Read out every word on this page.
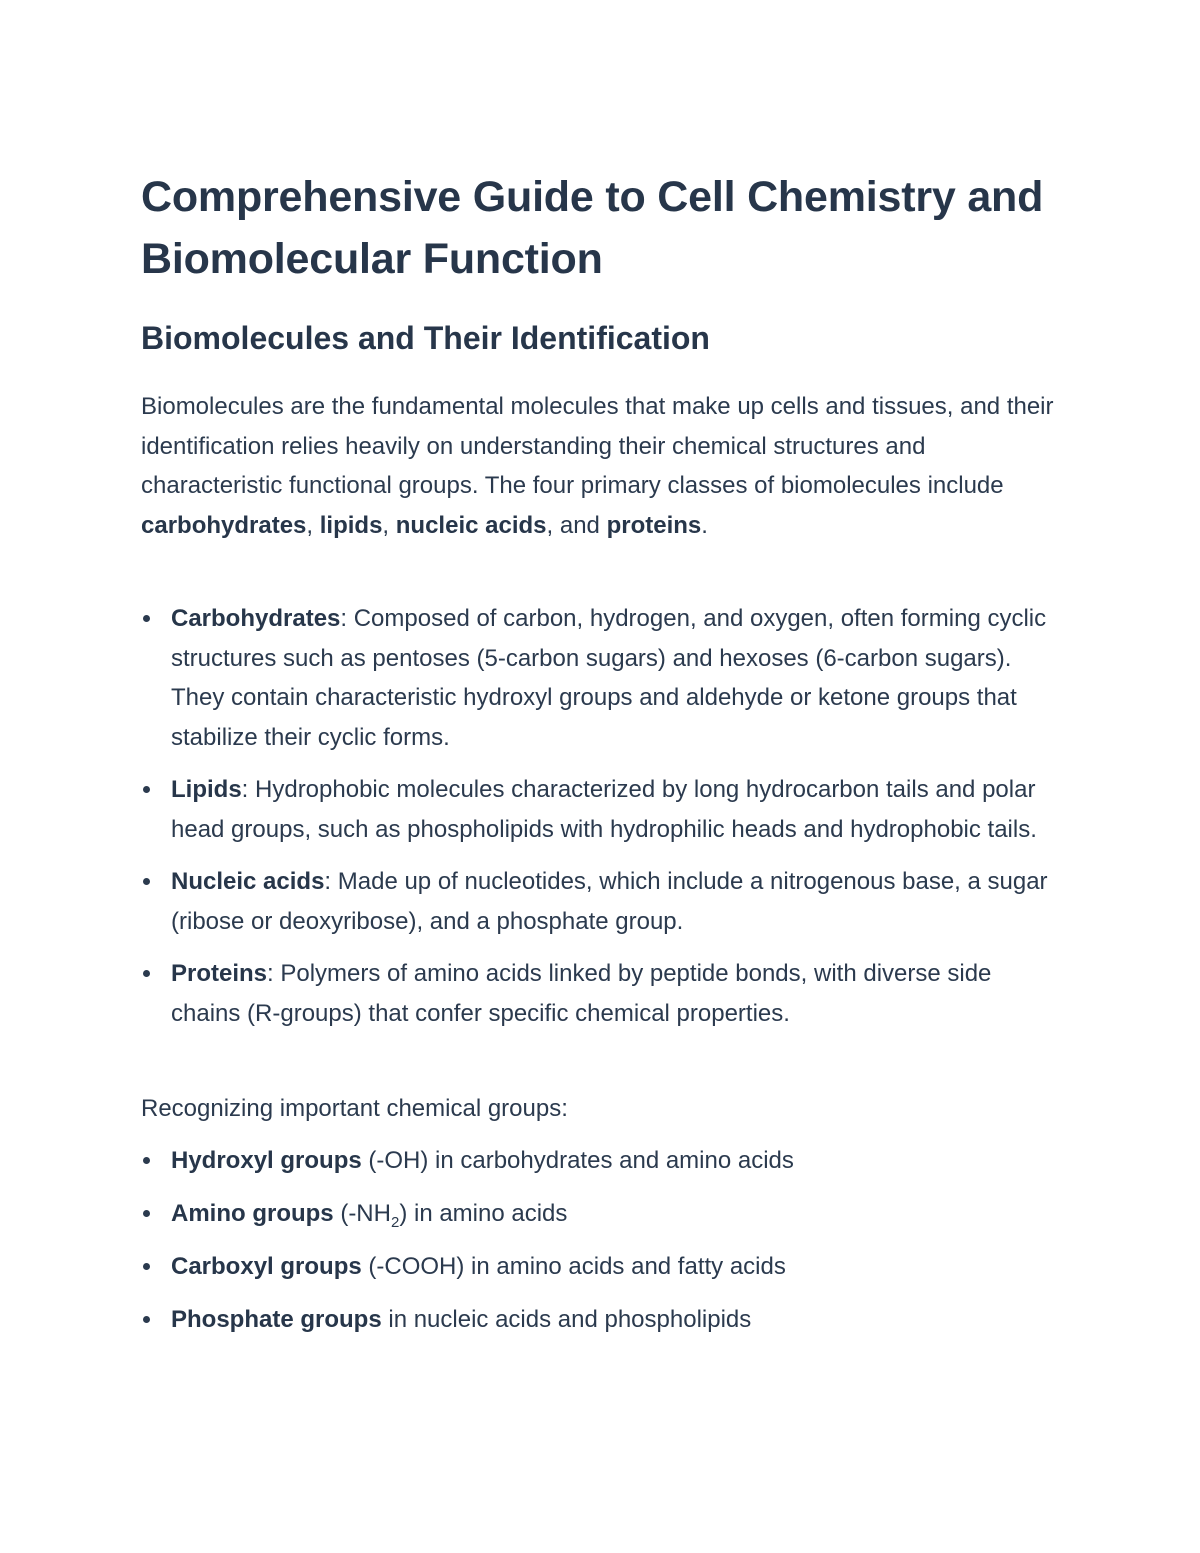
Comprehensive Guide to Cell Chemistry and Biomolecular Function
Biomolecules and Their Identification

Biomolecules are the fundamental molecules that make up cells and tissues, and their identification relies heavily on understanding their chemical structures and characteristic functional groups. The four primary classes of biomolecules include carbohydrates, lipids, nucleic acids, and proteins.

Carbohydrates: Composed of carbon, hydrogen, and oxygen, often forming cyclic structures such as pentoses (5-carbon sugars) and hexoses (6-carbon sugars). They contain characteristic hydroxyl groups and aldehyde or ketone groups that stabilize their cyclic forms.
Lipids: Hydrophobic molecules characterized by long hydrocarbon tails and polar head groups, such as phospholipids with hydrophilic heads and hydrophobic tails.
Nucleic acids: Made up of nucleotides, which include a nitrogenous base, a sugar (ribose or deoxyribose), and a phosphate group.
Proteins: Polymers of amino acids linked by peptide bonds, with diverse side chains (R-groups) that confer specific chemical properties.

Recognizing important chemical groups:

Hydroxyl groups (-OH) in carbohydrates and amino acids
Amino groups $(-NH_2)$ in amino acids
Carboxyl groups (-COOH) in amino acids and fatty acids
Phosphate groups in nucleic acids and phospholipids
